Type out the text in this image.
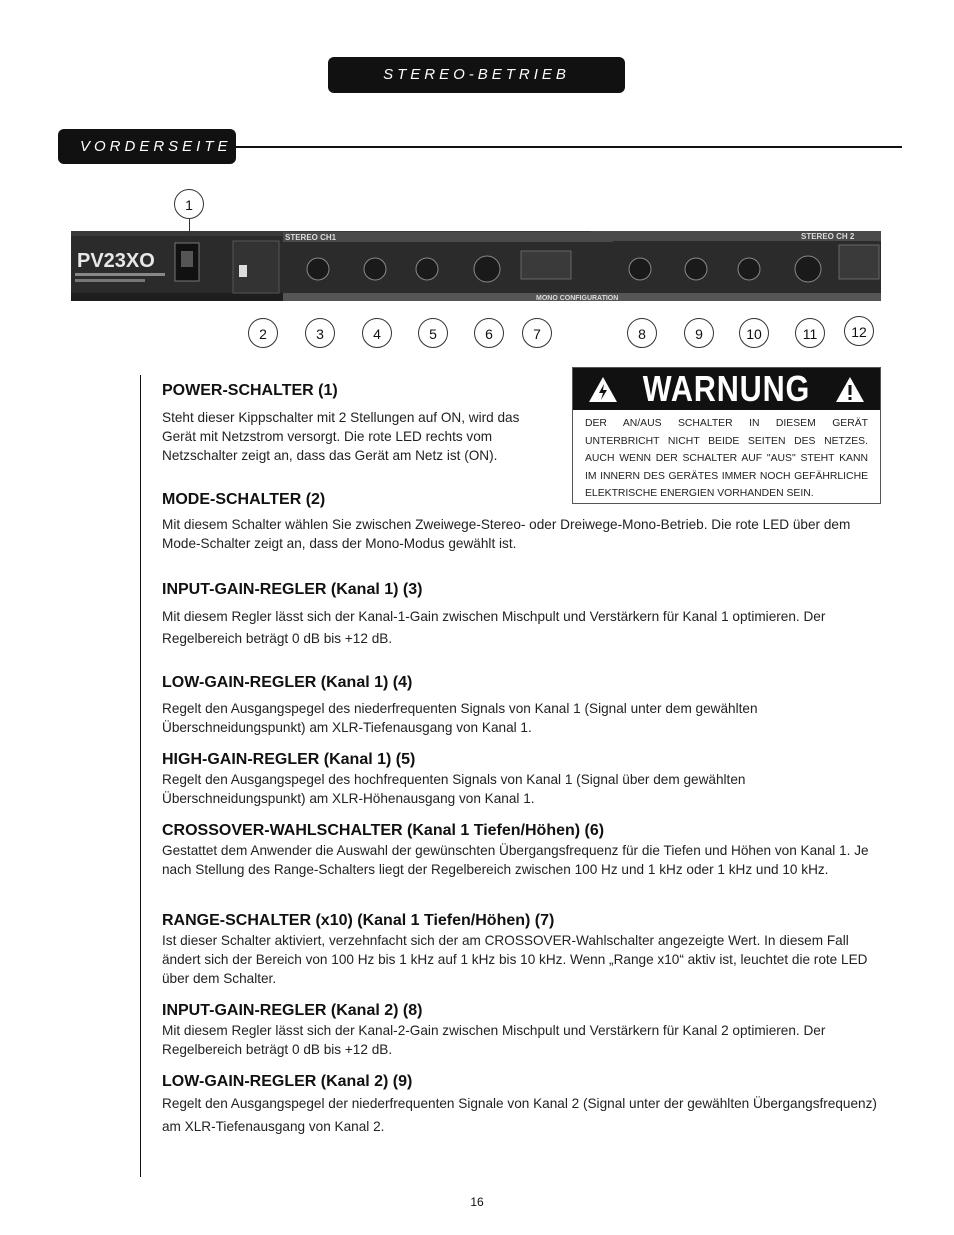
STEREO-BETRIEB
VORDERSEITE
PV23XO
STEREO CH1	STEREO CH 2
MONO CONFIGURATION
1
2	3	4	5	6	7	8	9	10	11	12
WARNUNG
DER AN/AUS SCHALTER IN DIESEM GERÄT UNTERBRICHT NICHT BEIDE SEITEN DES NETZES. AUCH WENN DER SCHALTER AUF "AUS" STEHT KANN IM INNERN DES GERÄTES IMMER NOCH GEFÄHRLICHE ELEKTRISCHE ENERGIEN VORHANDEN SEIN.
POWER-SCHALTER (1)

Steht dieser Kippschalter mit 2 Stellungen auf ON, wird das Gerät mit Netzstrom versorgt. Die rote LED rechts vom Netzschalter zeigt an, dass das Gerät am Netz ist (ON).

MODE-SCHALTER (2)

Mit diesem Schalter wählen Sie zwischen Zweiwege-Stereo- oder Dreiwege-Mono-Betrieb. Die rote LED über dem Mode-Schalter zeigt an, dass der Mono-Modus gewählt ist.

INPUT-GAIN-REGLER (Kanal 1) (3)

Mit diesem Regler lässt sich der Kanal-1-Gain zwischen Mischpult und Verstärkern für Kanal 1 optimieren. Der Regelbereich beträgt 0 dB bis +12 dB.

LOW-GAIN-REGLER (Kanal 1) (4)

Regelt den Ausgangspegel des niederfrequenten Signals von Kanal 1 (Signal unter dem gewählten Überschneidungspunkt) am XLR-Tiefenausgang von Kanal 1.

HIGH-GAIN-REGLER (Kanal 1) (5)

Regelt den Ausgangspegel des hochfrequenten Signals von Kanal 1 (Signal über dem gewählten Überschneidungspunkt) am XLR-Höhenausgang von Kanal 1.

CROSSOVER-WAHLSCHALTER (Kanal 1 Tiefen/Höhen) (6)

Gestattet dem Anwender die Auswahl der gewünschten Übergangsfrequenz für die Tiefen und Höhen von Kanal 1. Je nach Stellung des Range-Schalters liegt der Regelbereich zwischen 100 Hz und 1 kHz oder 1 kHz und 10 kHz.

RANGE-SCHALTER (x10) (Kanal 1 Tiefen/Höhen) (7)

Ist dieser Schalter aktiviert, verzehnfacht sich der am CROSSOVER-Wahlschalter angezeigte Wert. In diesem Fall ändert sich der Bereich von 100 Hz bis 1 kHz auf 1 kHz bis 10 kHz. Wenn „Range x10“ aktiv ist, leuchtet die rote LED über dem Schalter.

INPUT-GAIN-REGLER (Kanal 2) (8)

Mit diesem Regler lässt sich der Kanal-2-Gain zwischen Mischpult und Verstärkern für Kanal 2 optimieren. Der Regelbereich beträgt 0 dB bis +12 dB.

LOW-GAIN-REGLER (Kanal 2) (9)

Regelt den Ausgangspegel der niederfrequenten Signale von Kanal 2 (Signal unter der gewählten Übergangsfrequenz) am XLR-Tiefenausgang von Kanal 2.

16
